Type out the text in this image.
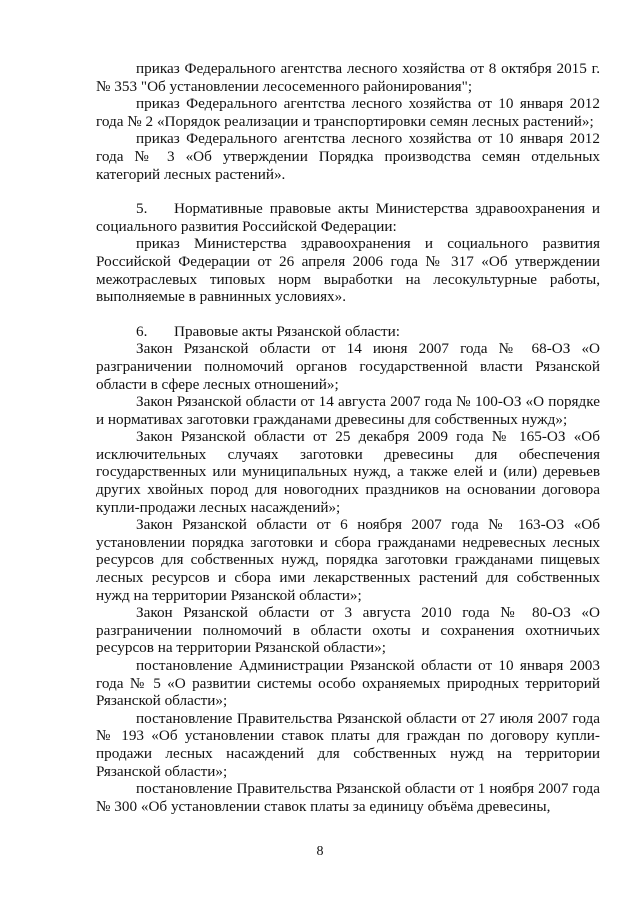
приказ Федерального агентства лесного хозяйства от 8 октября 2015 г. № 353 "Об установлении лесосеменного районирования";

приказ Федерального агентства лесного хозяйства от 10 января 2012 года № 2 «Порядок реализации и транспортировки семян лесных растений»;

приказ Федерального агентства лесного хозяйства от 10 января 2012 года № 3 «Об утверждении Порядка производства семян отдельных категорий лесных растений».

5. Нормативные правовые акты Министерства здравоохранения и социального развития Российской Федерации:

приказ Министерства здравоохранения и социального развития Российской Федерации от 26 апреля 2006 года № 317 «Об утверждении межотраслевых типовых норм выработки на лесокультурные работы, выполняемые в равнинных условиях».

6. Правовые акты Рязанской области:

Закон Рязанской области от 14 июня 2007 года № 68-ОЗ «О разграничении полномочий органов государственной власти Рязанской области в сфере лесных отношений»;

Закон Рязанской области от 14 августа 2007 года № 100-ОЗ «О порядке и нормативах заготовки гражданами древесины для собственных нужд»;

Закон Рязанской области от 25 декабря 2009 года № 165-ОЗ «Об исключительных случаях заготовки древесины для обеспечения государственных или муниципальных нужд, а также елей и (или) деревьев других хвойных пород для новогодних праздников на основании договора купли-продажи лесных насаждений»;

Закон Рязанской области от 6 ноября 2007 года № 163-ОЗ «Об установлении порядка заготовки и сбора гражданами недревесных лесных ресурсов для собственных нужд, порядка заготовки гражданами пищевых лесных ресурсов и сбора ими лекарственных растений для собственных нужд на территории Рязанской области»;

Закон Рязанской области от 3 августа 2010 года № 80-ОЗ «О разграничении полномочий в области охоты и сохранения охотничьих ресурсов на территории Рязанской области»;

постановление Администрации Рязанской области от 10 января 2003 года № 5 «О развитии системы особо охраняемых природных территорий Рязанской области»;

постановление Правительства Рязанской области от 27 июля 2007 года № 193 «Об установлении ставок платы для граждан по договору купли-продажи лесных насаждений для собственных нужд на территории Рязанской области»;

постановление Правительства Рязанской области от 1 ноября 2007 года № 300 «Об установлении ставок платы за единицу объёма древесины,

8
